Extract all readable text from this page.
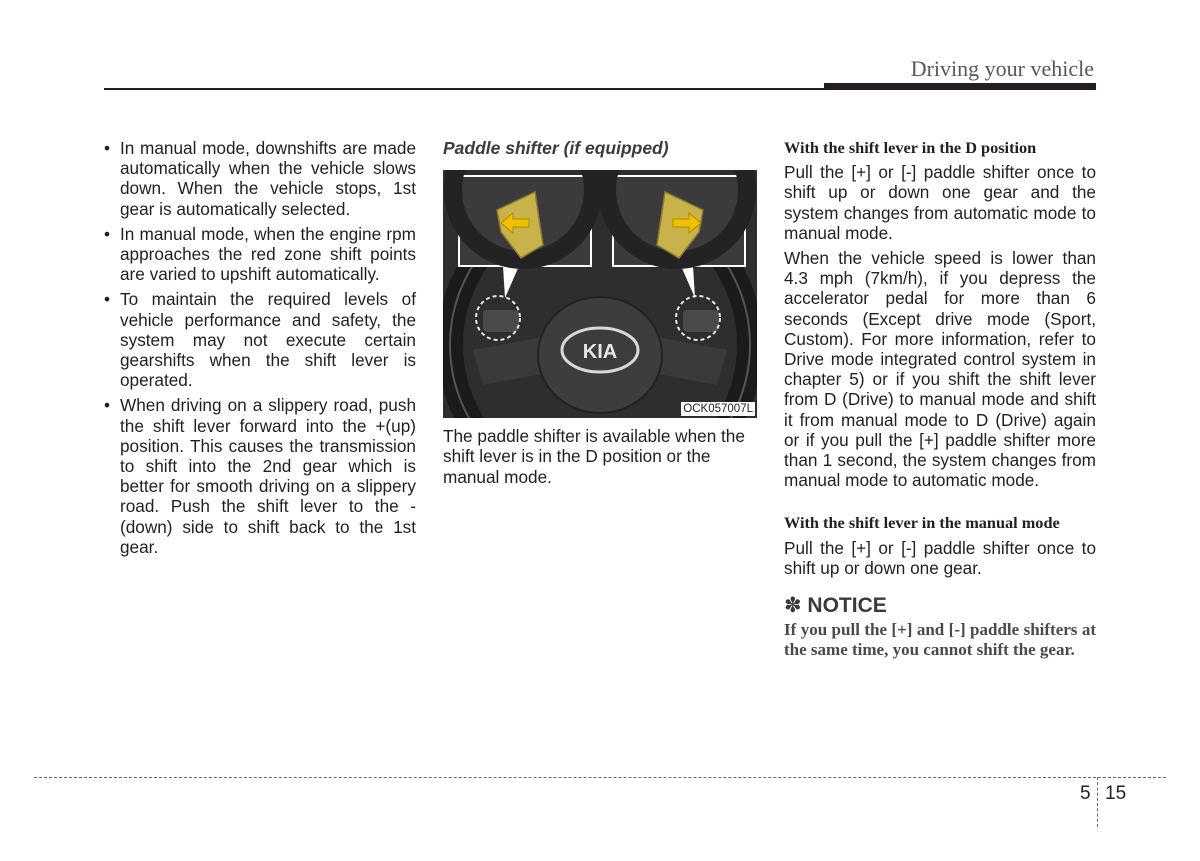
Driving your vehicle
• In manual mode, downshifts are made automatically when the vehicle slows down. When the vehicle stops, 1st gear is automatically selected.
• In manual mode, when the engine rpm approaches the red zone shift points are varied to upshift automatically.
• To maintain the required levels of vehicle performance and safety, the system may not execute certain gearshifts when the shift lever is operated.
• When driving on a slippery road, push the shift lever forward into the +(up) position. This causes the transmission to shift into the 2nd gear which is better for smooth driving on a slippery road. Push the shift lever to the -(down) side to shift back to the 1st gear.
Paddle shifter (if equipped)
KIA
OCK057007L
The paddle shifter is available when the shift lever is in the D position or the manual mode.
With the shift lever in the D position

Pull the [+] or [-] paddle shifter once to shift up or down one gear and the system changes from automatic mode to manual mode.

When the vehicle speed is lower than 4.3 mph (7km/h), if you depress the accelerator pedal for more than 6 seconds (Except drive mode (Sport, Custom). For more information, refer to Drive mode integrated control system in chapter 5) or if you shift the shift lever from D (Drive) to manual mode and shift it from manual mode to D (Drive) again or if you pull the [+] paddle shifter more than 1 second, the system changes from manual mode to automatic mode.

With the shift lever in the manual mode

Pull the [+] or [-] paddle shifter once to shift up or down one gear.

✽ NOTICE
If you pull the [+] and [-] paddle shifters at the same time, you cannot shift the gear.
5 15
